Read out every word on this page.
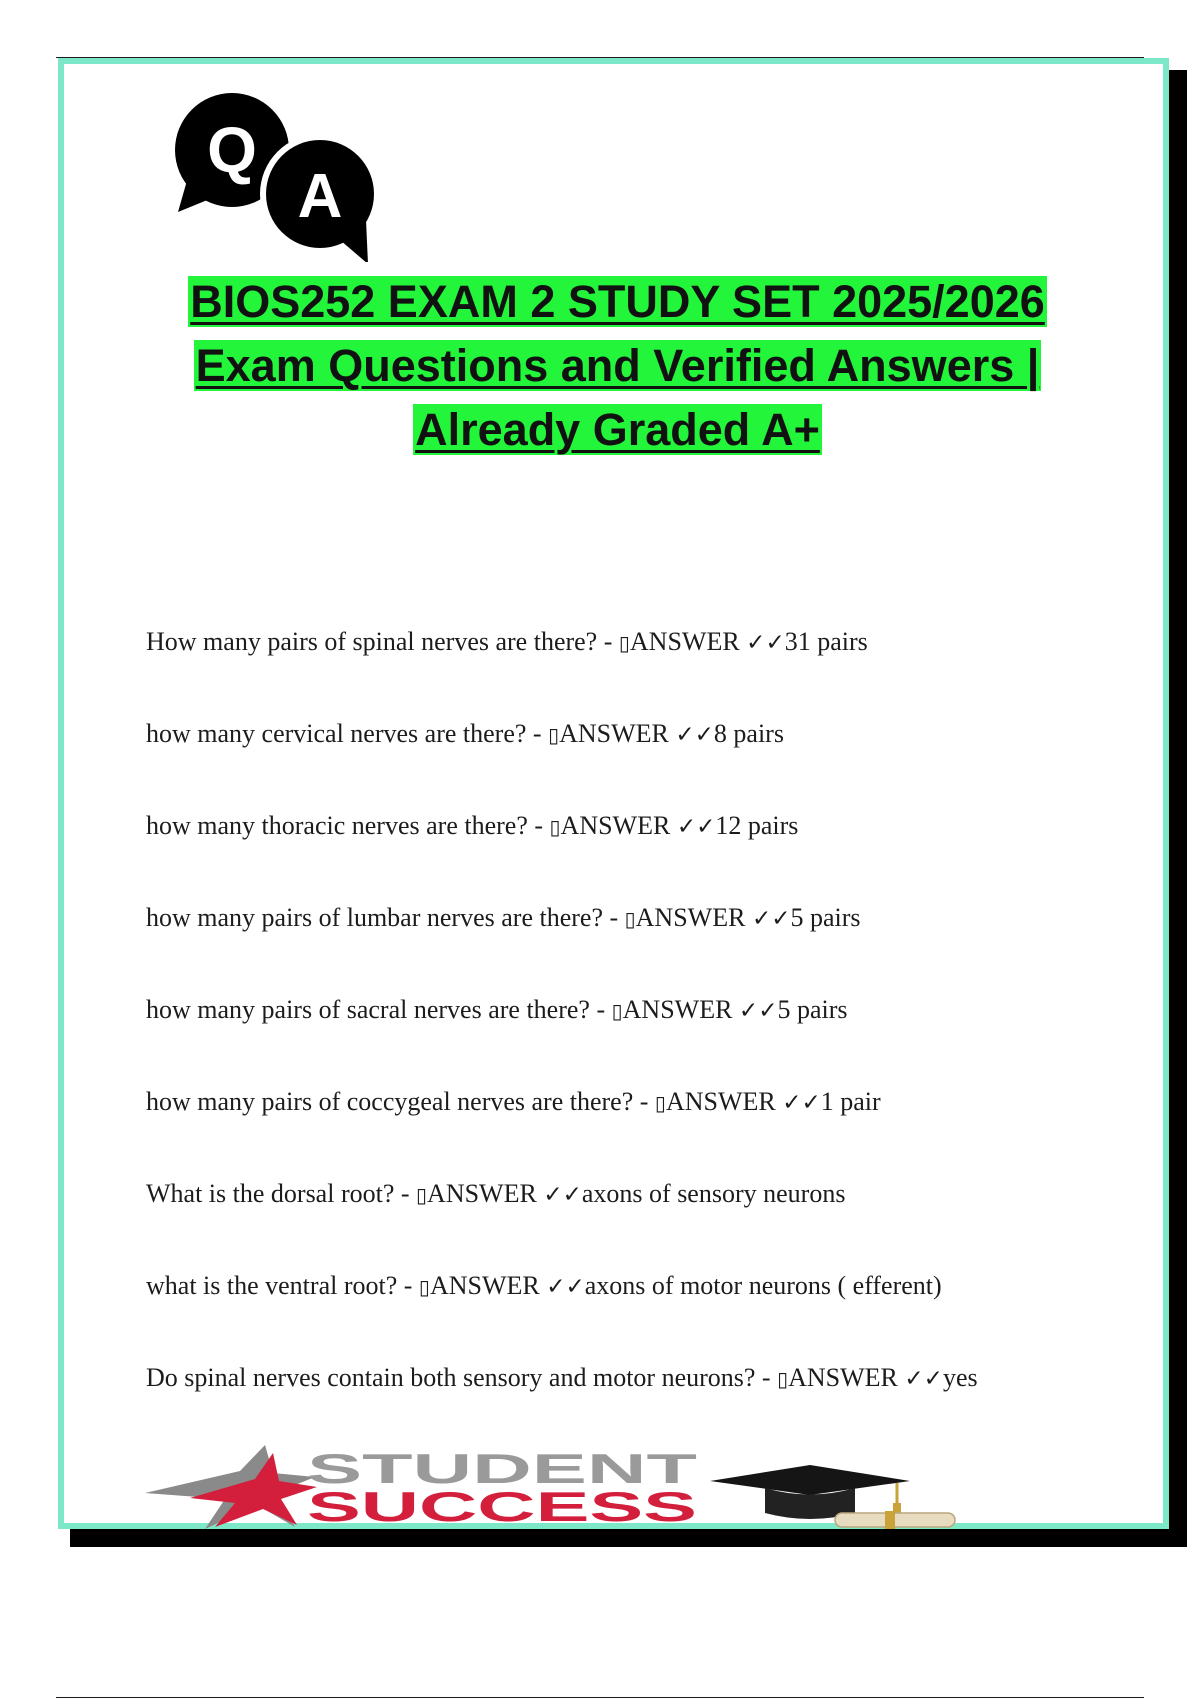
Q
A
BIOS252 EXAM 2 STUDY SET 2025/2026
Exam Questions and Verified Answers |
Already Graded A+
How many pairs of spinal nerves are there? - ▯ANSWER ✓✓31 pairs
how many cervical nerves are there? - ▯ANSWER ✓✓8 pairs
how many thoracic nerves are there? - ▯ANSWER ✓✓12 pairs
how many pairs of lumbar nerves are there? - ▯ANSWER ✓✓5 pairs
how many pairs of sacral nerves are there? - ▯ANSWER ✓✓5 pairs
how many pairs of coccygeal nerves are there? - ▯ANSWER ✓✓1 pair
What is the dorsal root? - ▯ANSWER ✓✓axons of sensory neurons
what is the ventral root? - ▯ANSWER ✓✓axons of motor neurons ( efferent)
Do spinal nerves contain both sensory and motor neurons? - ▯ANSWER ✓✓yes
STUDENT
SUCCESS
